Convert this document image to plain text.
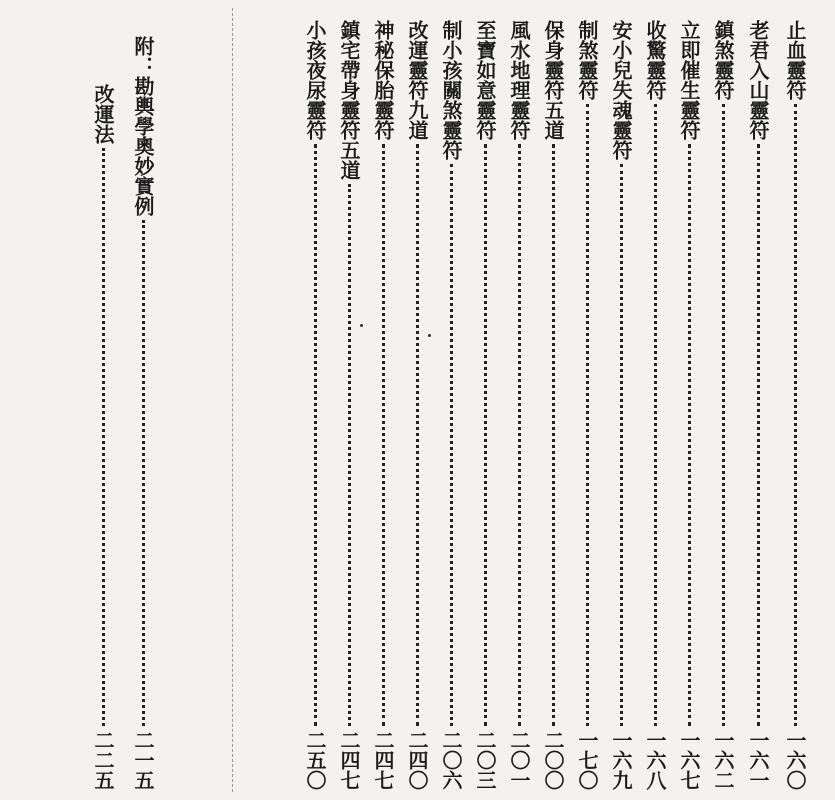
止血靈符
一六〇
老君入山靈符
一六一
鎮煞靈符
一六二
立即催生靈符
一六七
收驚靈符
一六八
安小兒失魂靈符
一六九
制煞靈符
一七〇
保身靈符五道
二〇〇
風水地理靈符
二〇一
至寶如意靈符
二〇三
制小孩關煞靈符
二〇六
改運靈符九道
二四〇
神秘保胎靈符
二四七
鎮宅帶身靈符五道
二四七
小孩夜尿靈符
二五〇
附：勘輿學奧妙實例
二一五
改運法
二二五
